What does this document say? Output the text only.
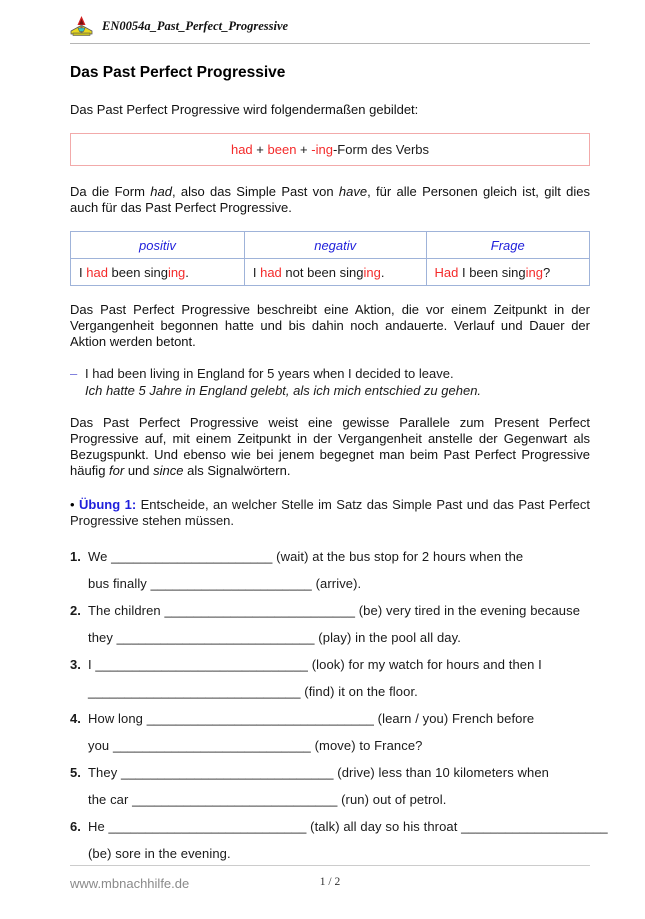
EN0054a_Past_Perfect_Progressive
Das Past Perfect Progressive

Das Past Perfect Progressive wird folgendermaßen gebildet:

had + been + -ing-Form des Verbs

Da die Form had, also das Simple Past von have, für alle Personen gleich ist, gilt dies auch für das Past Perfect Progressive.

positiv	negativ	Frage
I had been singing.	I had not been singing.	Had I been singing?

Das Past Perfect Progressive beschreibt eine Aktion, die vor einem Zeitpunkt in der Vergangenheit begonnen hatte und bis dahin noch andauerte. Verlauf und Dauer der Aktion werden betont.

– I had been living in England for 5 years when I decided to leave.
Ich hatte 5 Jahre in England gelebt, als ich mich entschied zu gehen.

Das Past Perfect Progressive weist eine gewisse Parallele zum Present Perfect Progressive auf, mit einem Zeitpunkt in der Vergangenheit anstelle der Gegenwart als Bezugspunkt. Und ebenso wie bei jenem begegnet man beim Past Perfect Progressive häufig for und since als Signalwörtern.

• Übung 1: Entscheide, an welcher Stelle im Satz das Simple Past und das Past Perfect Progressive stehen müssen.

1. We ______________________ (wait) at the bus stop for 2 hours when the
bus finally ______________________ (arrive).
2. The children __________________________ (be) very tired in the evening because
they ___________________________ (play) in the pool all day.
3. I _____________________________ (look) for my watch for hours and then I
_____________________________ (find) it on the floor.
4. How long _______________________________ (learn / you) French before
you ___________________________ (move) to France?
5. They _____________________________ (drive) less than 10 kilometers when
the car ____________________________ (run) out of petrol.
6. He ___________________________ (talk) all day so his throat ____________________
(be) sore in the evening.
www.mbnachhilfe.de	1 / 2
